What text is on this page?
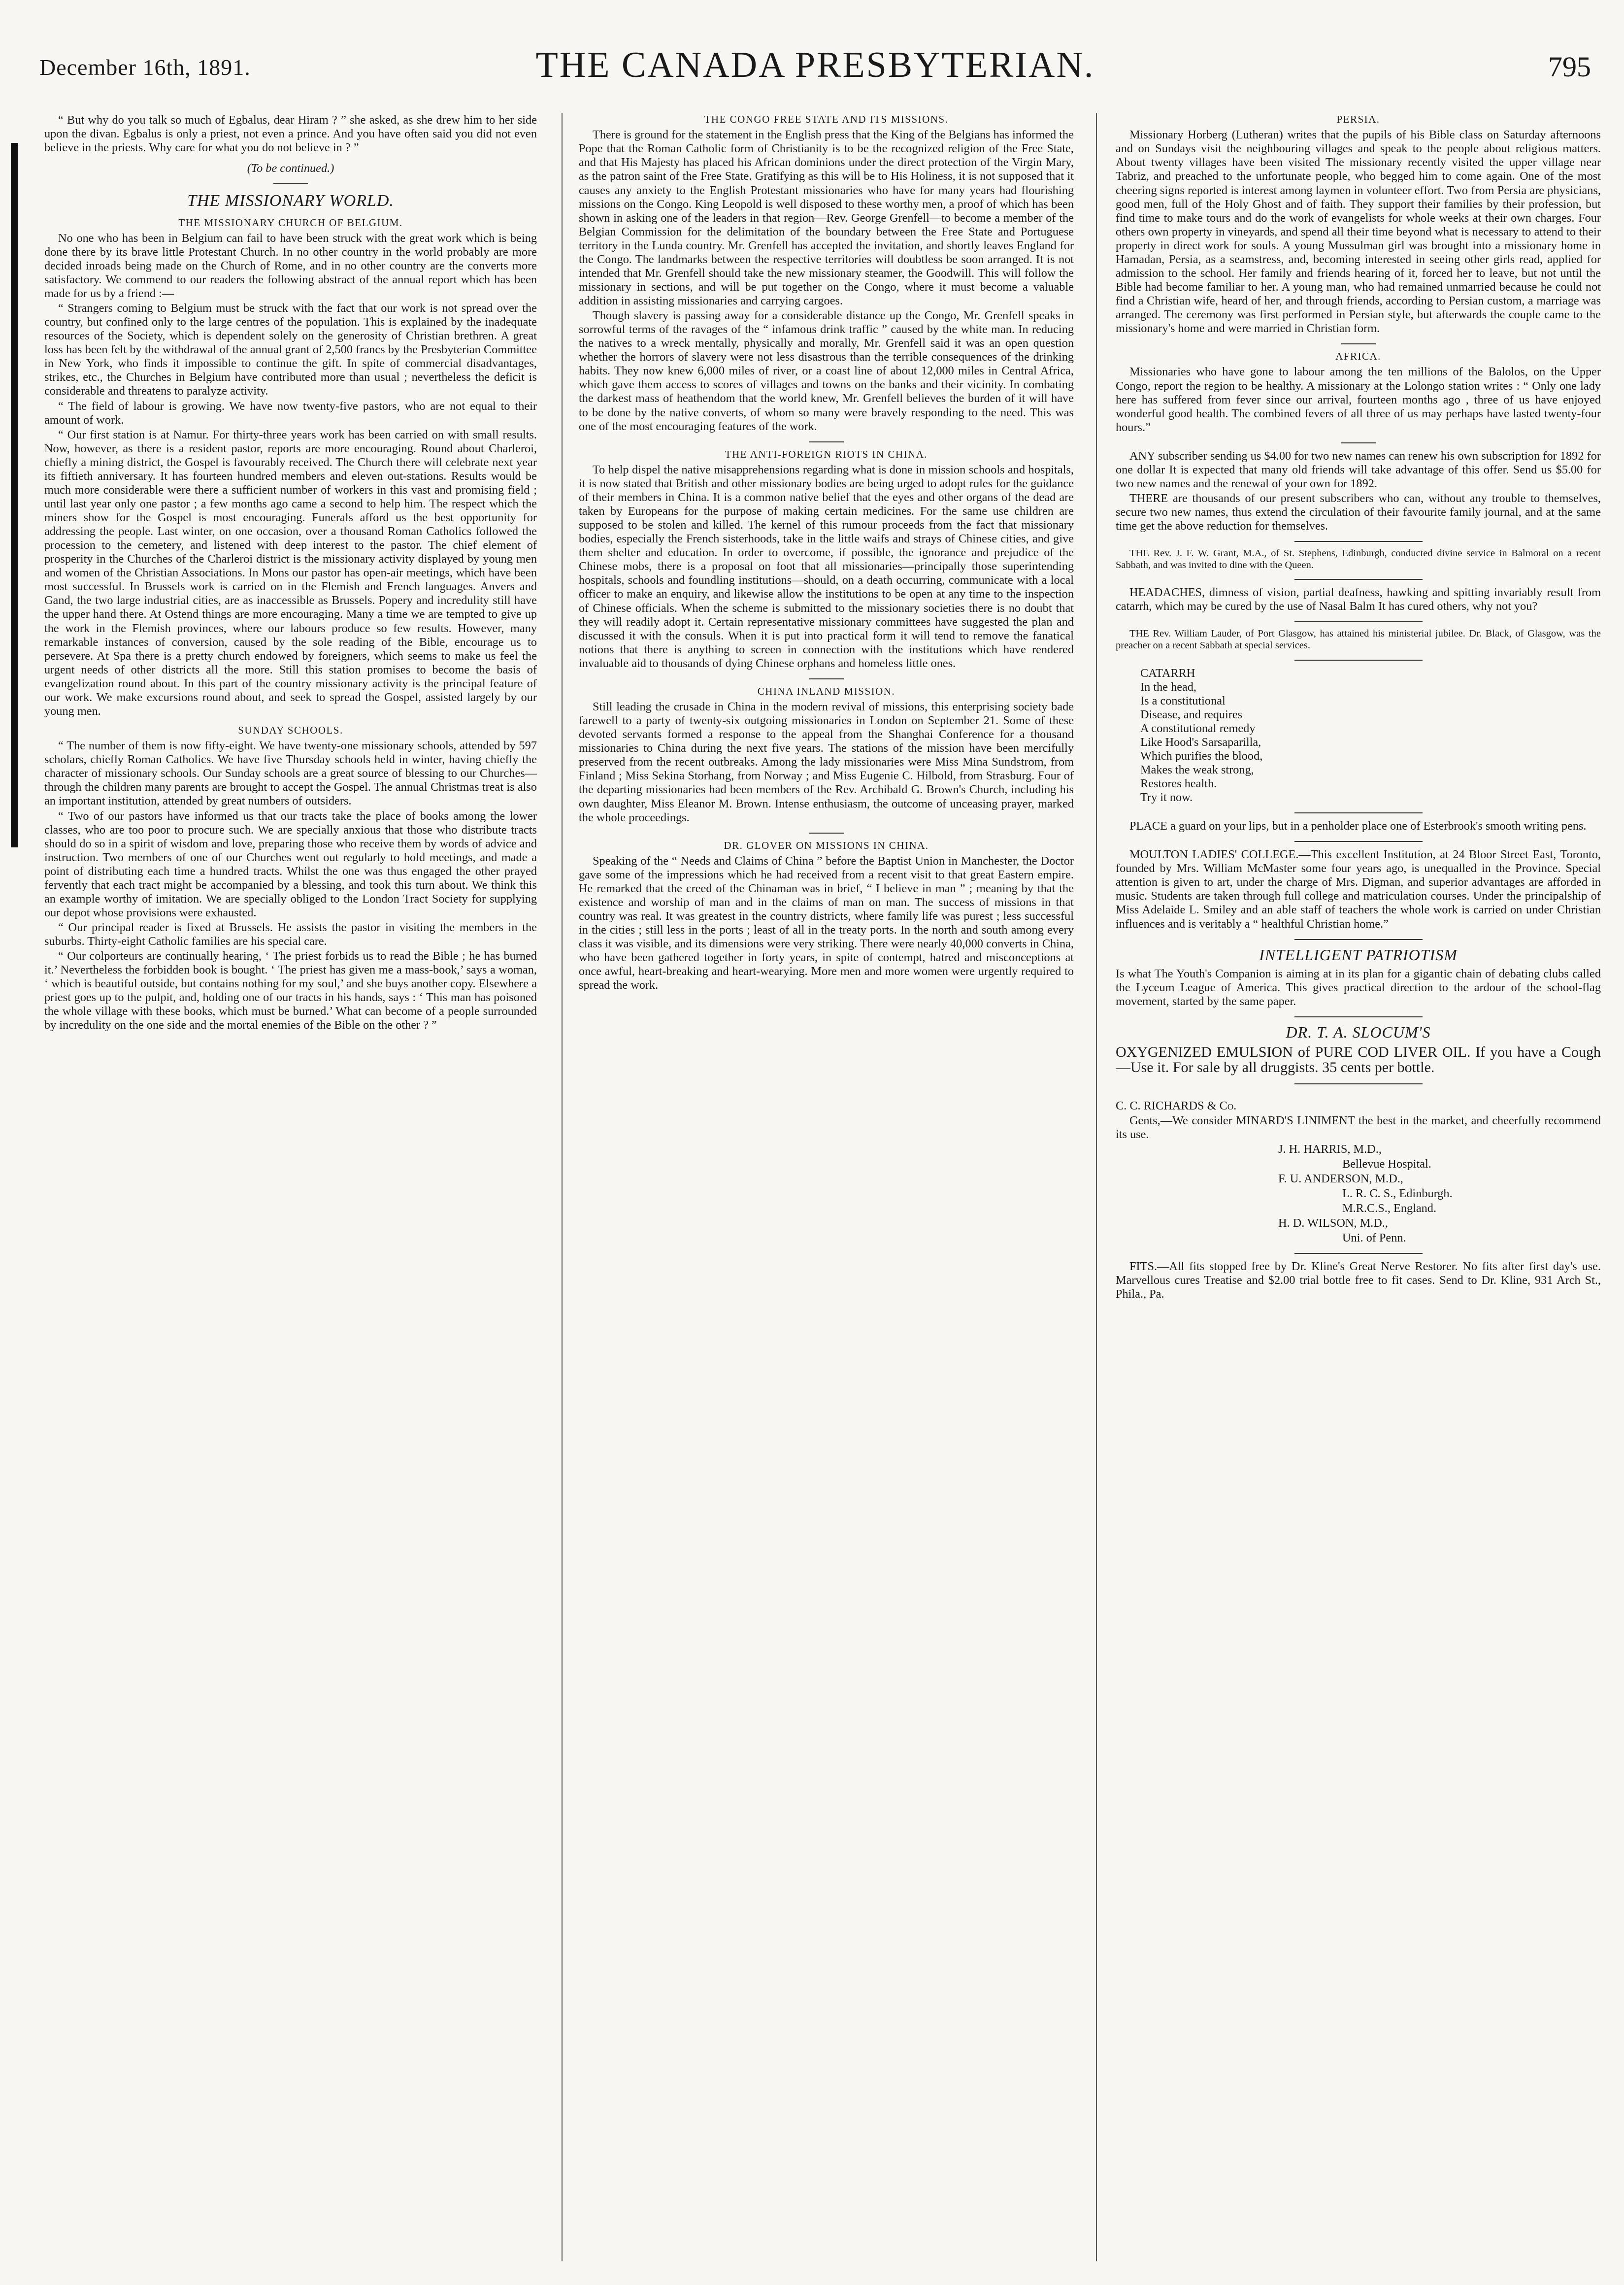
December 16th, 1891.	THE CANADA PRESBYTERIAN.	795

“ But why do you talk so much of Egbalus, dear Hiram ? ” she asked, as she drew him to her side upon the divan. Egbalus is only a priest, not even a prince. And you have often said you did not even believe in the priests. Why care for what you do not believe in ? ”

(To be continued.)
THE MISSIONARY WORLD.
THE MISSIONARY CHURCH OF BELGIUM.

No one who has been in Belgium can fail to have been struck with the great work which is being done there by its brave little Protestant Church. In no other country in the world probably are more decided inroads being made on the Church of Rome, and in no other country are the converts more satisfactory. We commend to our readers the following abstract of the annual report which has been made for us by a friend :—

“ Strangers coming to Belgium must be struck with the fact that our work is not spread over the country, but confined only to the large centres of the population. This is explained by the inadequate resources of the Society, which is dependent solely on the generosity of Christian brethren. A great loss has been felt by the withdrawal of the annual grant of 2,500 francs by the Presbyterian Committee in New York, who finds it impossible to continue the gift. In spite of commercial disadvantages, strikes, etc., the Churches in Belgium have contributed more than usual ; nevertheless the deficit is considerable and threatens to paralyze activity.

“ The field of labour is growing. We have now twenty-five pastors, who are not equal to their amount of work.

“ Our first station is at Namur. For thirty-three years work has been carried on with small results. Now, however, as there is a resident pastor, reports are more encouraging. Round about Charleroi, chiefly a mining district, the Gospel is favourably received. The Church there will celebrate next year its fiftieth anniversary. It has fourteen hundred members and eleven out-stations. Results would be much more considerable were there a sufficient number of workers in this vast and promising field ; until last year only one pastor ; a few months ago came a second to help him. The respect which the miners show for the Gospel is most encouraging. Funerals afford us the best opportunity for addressing the people. Last winter, on one occasion, over a thousand Roman Catholics followed the procession to the cemetery, and listened with deep interest to the pastor. The chief element of prosperity in the Churches of the Charleroi district is the missionary activity displayed by young men and women of the Christian Associations. In Mons our pastor has open-air meetings, which have been most successful. In Brussels work is carried on in the Flemish and French languages. Anvers and Gand, the two large industrial cities, are as inaccessible as Brussels. Popery and incredulity still have the upper hand there. At Ostend things are more encouraging. Many a time we are tempted to give up the work in the Flemish provinces, where our labours produce so few results. However, many remarkable instances of conversion, caused by the sole reading of the Bible, encourage us to persevere. At Spa there is a pretty church endowed by foreigners, which seems to make us feel the urgent needs of other districts all the more. Still this station promises to become the basis of evangelization round about. In this part of the country missionary activity is the principal feature of our work. We make excursions round about, and seek to spread the Gospel, assisted largely by our young men.

SUNDAY SCHOOLS.

“ The number of them is now fifty-eight. We have twenty-one missionary schools, attended by 597 scholars, chiefly Roman Catholics. We have five Thursday schools held in winter, having chiefly the character of missionary schools. Our Sunday schools are a great source of blessing to our Churches—through the children many parents are brought to accept the Gospel. The annual Christmas treat is also an important institution, attended by great numbers of outsiders.

“ Two of our pastors have informed us that our tracts take the place of books among the lower classes, who are too poor to procure such. We are specially anxious that those who distribute tracts should do so in a spirit of wisdom and love, preparing those who receive them by words of advice and instruction. Two members of one of our Churches went out regularly to hold meetings, and made a point of distributing each time a hundred tracts. Whilst the one was thus engaged the other prayed fervently that each tract might be accompanied by a blessing, and took this turn about. We think this an example worthy of imitation. We are specially obliged to the London Tract Society for supplying our depot whose provisions were exhausted.

“ Our principal reader is fixed at Brussels. He assists the pastor in visiting the members in the suburbs. Thirty-eight Catholic families are his special care.

“ Our colporteurs are continually hearing, ‘ The priest forbids us to read the Bible ; he has burned it.’ Nevertheless the forbidden book is bought. ‘ The priest has given me a mass-book,’ says a woman, ‘ which is beautiful outside, but contains nothing for my soul,’ and she buys another copy. Elsewhere a priest goes up to the pulpit, and, holding one of our tracts in his hands, says : ‘ This man has poisoned the whole village with these books, which must be burned.’ What can become of a people surrounded by incredulity on the one side and the mortal enemies of the Bible on the other ? ”

THE CONGO FREE STATE AND ITS MISSIONS.

There is ground for the statement in the English press that the King of the Belgians has informed the Pope that the Roman Catholic form of Christianity is to be the recognized religion of the Free State, and that His Majesty has placed his African dominions under the direct protection of the Virgin Mary, as the patron saint of the Free State. Gratifying as this will be to His Holiness, it is not supposed that it causes any anxiety to the English Protestant missionaries who have for many years had flourishing missions on the Congo. King Leopold is well disposed to these worthy men, a proof of which has been shown in asking one of the leaders in that region—Rev. George Grenfell—to become a member of the Belgian Commission for the delimitation of the boundary between the Free State and Portuguese territory in the Lunda country. Mr. Grenfell has accepted the invitation, and shortly leaves England for the Congo. The landmarks between the respective territories will doubtless be soon arranged. It is not intended that Mr. Grenfell should take the new missionary steamer, the Goodwill. This will follow the missionary in sections, and will be put together on the Congo, where it must become a valuable addition in assisting missionaries and carrying cargoes.

Though slavery is passing away for a considerable distance up the Congo, Mr. Grenfell speaks in sorrowful terms of the ravages of the “ infamous drink traffic ” caused by the white man. In reducing the natives to a wreck mentally, physically and morally, Mr. Grenfell said it was an open question whether the horrors of slavery were not less disastrous than the terrible consequences of the drinking habits. They now knew 6,000 miles of river, or a coast line of about 12,000 miles in Central Africa, which gave them access to scores of villages and towns on the banks and their vicinity. In combating the darkest mass of heathendom that the world knew, Mr. Grenfell believes the burden of it will have to be done by the native converts, of whom so many were bravely responding to the need. This was one of the most encouraging features of the work.

THE ANTI-FOREIGN RIOTS IN CHINA.

To help dispel the native misapprehensions regarding what is done in mission schools and hospitals, it is now stated that British and other missionary bodies are being urged to adopt rules for the guidance of their members in China. It is a common native belief that the eyes and other organs of the dead are taken by Europeans for the purpose of making certain medicines. For the same use children are supposed to be stolen and killed. The kernel of this rumour proceeds from the fact that missionary bodies, especially the French sisterhoods, take in the little waifs and strays of Chinese cities, and give them shelter and education. In order to overcome, if possible, the ignorance and prejudice of the Chinese mobs, there is a proposal on foot that all missionaries—principally those superintending hospitals, schools and foundling institutions—should, on a death occurring, communicate with a local officer to make an enquiry, and likewise allow the institutions to be open at any time to the inspection of Chinese officials. When the scheme is submitted to the missionary societies there is no doubt that they will readily adopt it. Certain representative missionary committees have suggested the plan and discussed it with the consuls. When it is put into practical form it will tend to remove the fanatical notions that there is anything to screen in connection with the institutions which have rendered invaluable aid to thousands of dying Chinese orphans and homeless little ones.

CHINA INLAND MISSION.

Still leading the crusade in China in the modern revival of missions, this enterprising society bade farewell to a party of twenty-six outgoing missionaries in London on September 21. Some of these devoted servants formed a response to the appeal from the Shanghai Conference for a thousand missionaries to China during the next five years. The stations of the mission have been mercifully preserved from the recent outbreaks. Among the lady missionaries were Miss Mina Sundstrom, from Finland ; Miss Sekina Storhang, from Norway ; and Miss Eugenie C. Hilbold, from Strasburg. Four of the departing missionaries had been members of the Rev. Archibald G. Brown's Church, including his own daughter, Miss Eleanor M. Brown. Intense enthusiasm, the outcome of unceasing prayer, marked the whole proceedings.

DR. GLOVER ON MISSIONS IN CHINA.

Speaking of the “ Needs and Claims of China ” before the Baptist Union in Manchester, the Doctor gave some of the impressions which he had received from a recent visit to that great Eastern empire. He remarked that the creed of the Chinaman was in brief, “ I believe in man ” ; meaning by that the existence and worship of man and in the claims of man on man. The success of missions in that country was real. It was greatest in the country districts, where family life was purest ; less successful in the cities ; still less in the ports ; least of all in the treaty ports. In the north and south among every class it was visible, and its dimensions were very striking. There were nearly 40,000 converts in China, who have been gathered together in forty years, in spite of contempt, hatred and misconceptions at once awful, heart-breaking and heart-wearying. More men and more women were urgently required to spread the work.

PERSIA.

Missionary Horberg (Lutheran) writes that the pupils of his Bible class on Saturday afternoons and on Sundays visit the neighbouring villages and speak to the people about religious matters. About twenty villages have been visited The missionary recently visited the upper village near Tabriz, and preached to the unfortunate people, who begged him to come again. One of the most cheering signs reported is interest among laymen in volunteer effort. Two from Persia are physicians, good men, full of the Holy Ghost and of faith. They support their families by their profession, but find time to make tours and do the work of evangelists for whole weeks at their own charges. Four others own property in vineyards, and spend all their time beyond what is necessary to attend to their property in direct work for souls. A young Mussulman girl was brought into a missionary home in Hamadan, Persia, as a seamstress, and, becoming interested in seeing other girls read, applied for admission to the school. Her family and friends hearing of it, forced her to leave, but not until the Bible had become familiar to her. A young man, who had remained unmarried because he could not find a Christian wife, heard of her, and through friends, according to Persian custom, a marriage was arranged. The ceremony was first performed in Persian style, but afterwards the couple came to the missionary's home and were married in Christian form.

AFRICA.

Missionaries who have gone to labour among the ten millions of the Balolos, on the Upper Congo, report the region to be healthy. A missionary at the Lolongo station writes : “ Only one lady here has suffered from fever since our arrival, fourteen months ago , three of us have enjoyed wonderful good health. The combined fevers of all three of us may perhaps have lasted twenty-four hours.”

ANY subscriber sending us $4.00 for two new names can renew his own subscription for 1892 for one dollar It is expected that many old friends will take advantage of this offer. Send us $5.00 for two new names and the renewal of your own for 1892.

THERE are thousands of our present subscribers who can, without any trouble to themselves, secure two new names, thus extend the circulation of their favourite family journal, and at the same time get the above reduction for themselves.

THE Rev. J. F. W. Grant, M.A., of St. Stephens, Edinburgh, conducted divine service in Balmoral on a recent Sabbath, and was invited to dine with the Queen.

HEADACHES, dimness of vision, partial deafness, hawking and spitting invariably result from catarrh, which may be cured by the use of Nasal Balm It has cured others, why not you?

THE Rev. William Lauder, of Port Glasgow, has attained his ministerial jubilee. Dr. Black, of Glasgow, was the preacher on a recent Sabbath at special services.

CATARRH

In the head,

Is a constitutional

Disease, and requires

A constitutional remedy

Like Hood's Sarsaparilla,

Which purifies the blood,

Makes the weak strong,

Restores health.

Try it now.

PLACE a guard on your lips, but in a penholder place one of Esterbrook's smooth writing pens.

MOULTON LADIES' COLLEGE.—This excellent Institution, at 24 Bloor Street East, Toronto, founded by Mrs. William McMaster some four years ago, is unequalled in the Province. Special attention is given to art, under the charge of Mrs. Digman, and superior advantages are afforded in music. Students are taken through full college and matriculation courses. Under the principalship of Miss Adelaide L. Smiley and an able staff of teachers the whole work is carried on under Christian influences and is veritably a “ healthful Christian home.”

INTELLIGENT PATRIOTISM

Is what The Youth's Companion is aiming at in its plan for a gigantic chain of debating clubs called the Lyceum League of America. This gives practical direction to the ardour of the school-flag movement, started by the same paper.

DR. T. A. SLOCUM'S

OXYGENIZED EMULSION of PURE COD LIVER OIL. If you have a Cough—Use it. For sale by all druggists. 35 cents per bottle.

C. C. RICHARDS & Co.

Gents,—We consider MINARD'S LINIMENT the best in the market, and cheerfully recommend its use.

J. H. HARRIS, M.D.,

Bellevue Hospital.

F. U. ANDERSON, M.D.,

L. R. C. S., Edinburgh.

M.R.C.S., England.

H. D. WILSON, M.D.,

Uni. of Penn.

FITS.—All fits stopped free by Dr. Kline's Great Nerve Restorer. No fits after first day's use. Marvellous cures Treatise and $2.00 trial bottle free to fit cases. Send to Dr. Kline, 931 Arch St., Phila., Pa.
